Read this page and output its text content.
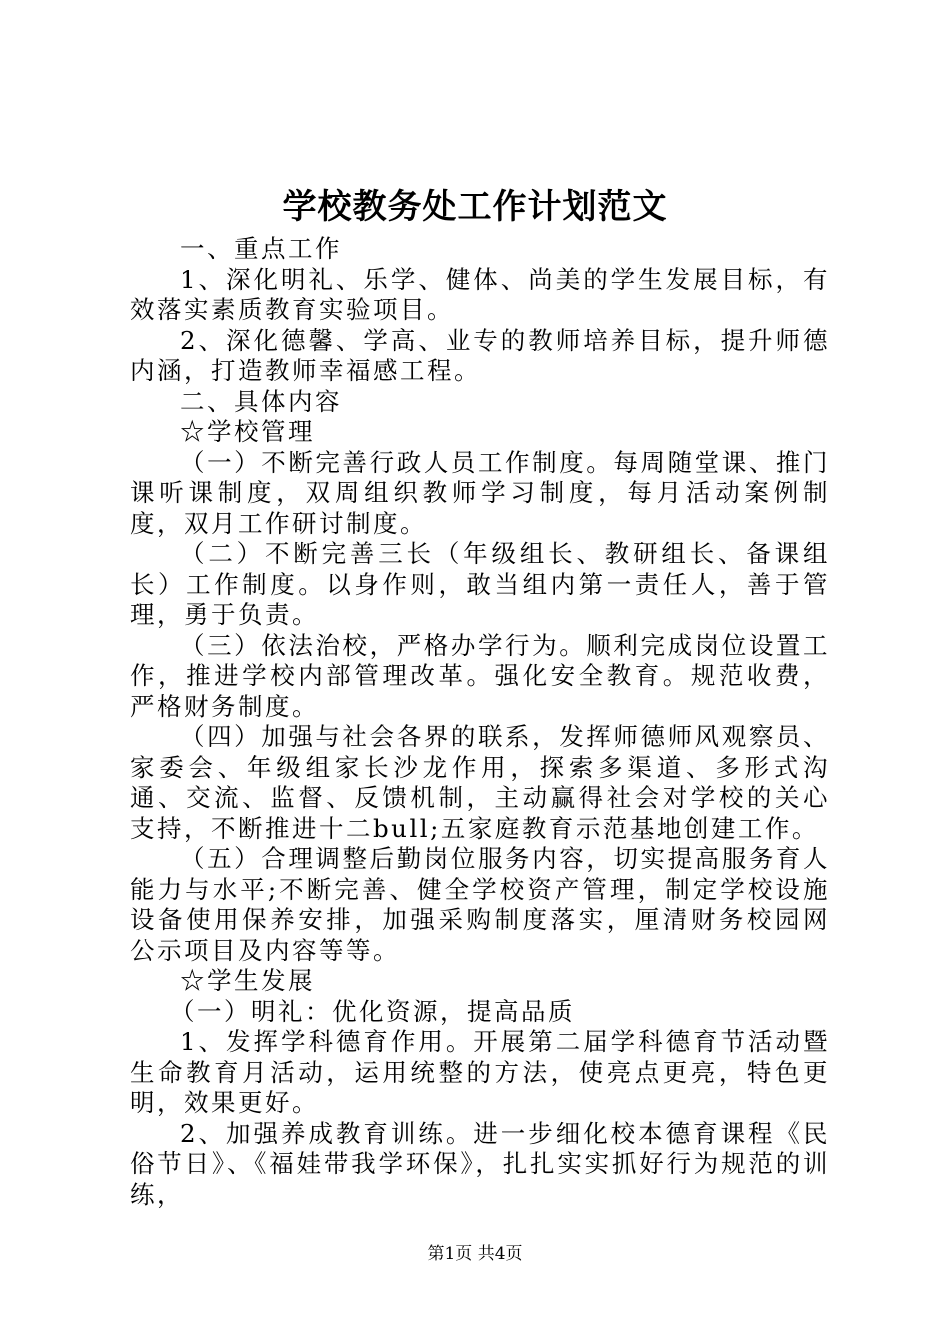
学校教务处工作计划范文

一、重点工作

1、深化明礼、乐学、健体、尚美的学生发展目标，有效落实素质教育实验项目。

2、深化德馨、学高、业专的教师培养目标，提升师德内涵，打造教师幸福感工程。

二、具体内容

☆学校管理

（一）不断完善行政人员工作制度。每周随堂课、推门课听课制度，双周组织教师学习制度，每月活动案例制度，双月工作研讨制度。

（二）不断完善三长（年级组长、教研组长、备课组长）工作制度。以身作则，敢当组内第一责任人，善于管理，勇于负责。

（三）依法治校，严格办学行为。顺利完成岗位设置工作，推进学校内部管理改革。强化安全教育。规范收费，严格财务制度。

（四）加强与社会各界的联系，发挥师德师风观察员、家委会、年级组家长沙龙作用，探索多渠道、多形式沟通、交流、监督、反馈机制，主动赢得社会对学校的关心支持，不断推进十二bull;五家庭教育示范基地创建工作。

（五）合理调整后勤岗位服务内容，切实提高服务育人能力与水平;不断完善、健全学校资产管理，制定学校设施设备使用保养安排，加强采购制度落实，厘清财务校园网公示项目及内容等等。

☆学生发展

（一）明礼：优化资源，提高品质

1、发挥学科德育作用。开展第二届学科德育节活动暨生命教育月活动，运用统整的方法，使亮点更亮，特色更明，效果更好。

2、加强养成教育训练。进一步细化校本德育课程《民俗节日》、《福娃带我学环保》，扎扎实实抓好行为规范的训练，

第1页 共4页
